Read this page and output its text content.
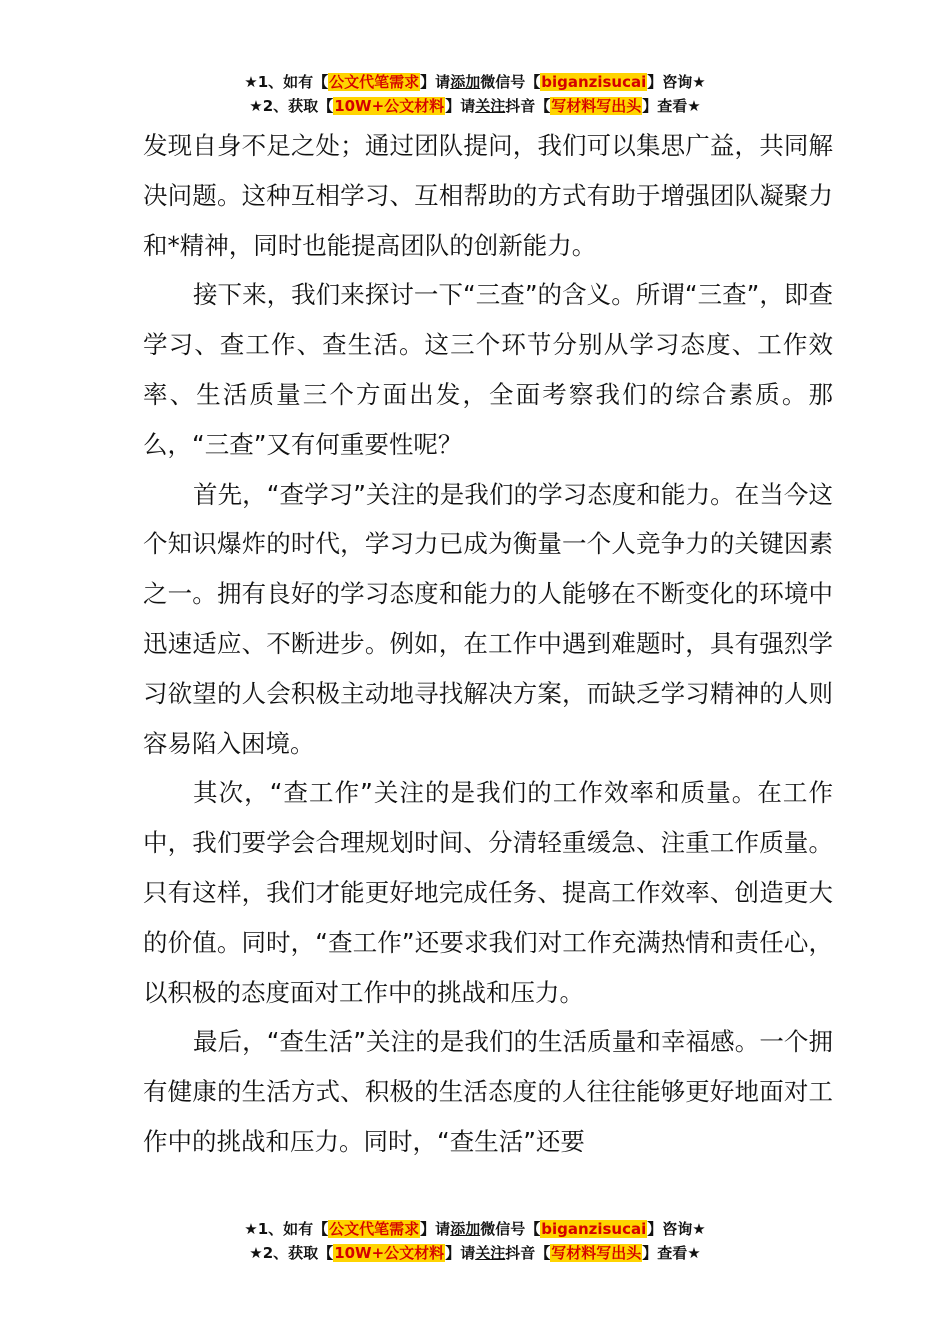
★1、如有【公文代笔需求】请添加微信号【biganzisucai】咨询★
★2、获取【10W+公文材料】请关注抖音【写材料写出头】查看★

发现自身不足之处；通过团队提问，我们可以集思广益，共同解决问题。这种互相学习、互相帮助的方式有助于增强团队凝聚力和*精神，同时也能提高团队的创新能力。

接下来，我们来探讨一下“三查”的含义。所谓“三查”，即查学习、查工作、查生活。这三个环节分别从学习态度、工作效率、生活质量三个方面出发，全面考察我们的综合素质。那么，“三查”又有何重要性呢？

首先，“查学习”关注的是我们的学习态度和能力。在当今这个知识爆炸的时代，学习力已成为衡量一个人竞争力的关键因素之一。拥有良好的学习态度和能力的人能够在不断变化的环境中迅速适应、不断进步。例如，在工作中遇到难题时，具有强烈学习欲望的人会积极主动地寻找解决方案，而缺乏学习精神的人则容易陷入困境。

其次，“查工作”关注的是我们的工作效率和质量。在工作中，我们要学会合理规划时间、分清轻重缓急、注重工作质量。只有这样，我们才能更好地完成任务、提高工作效率、创造更大的价值。同时，“查工作”还要求我们对工作充满热情和责任心，以积极的态度面对工作中的挑战和压力。

最后，“查生活”关注的是我们的生活质量和幸福感。一个拥有健康的生活方式、积极的生活态度的人往往能够更好地面对工作中的挑战和压力。同时，“查生活”还要

★1、如有【公文代笔需求】请添加微信号【biganzisucai】咨询★
★2、获取【10W+公文材料】请关注抖音【写材料写出头】查看★
